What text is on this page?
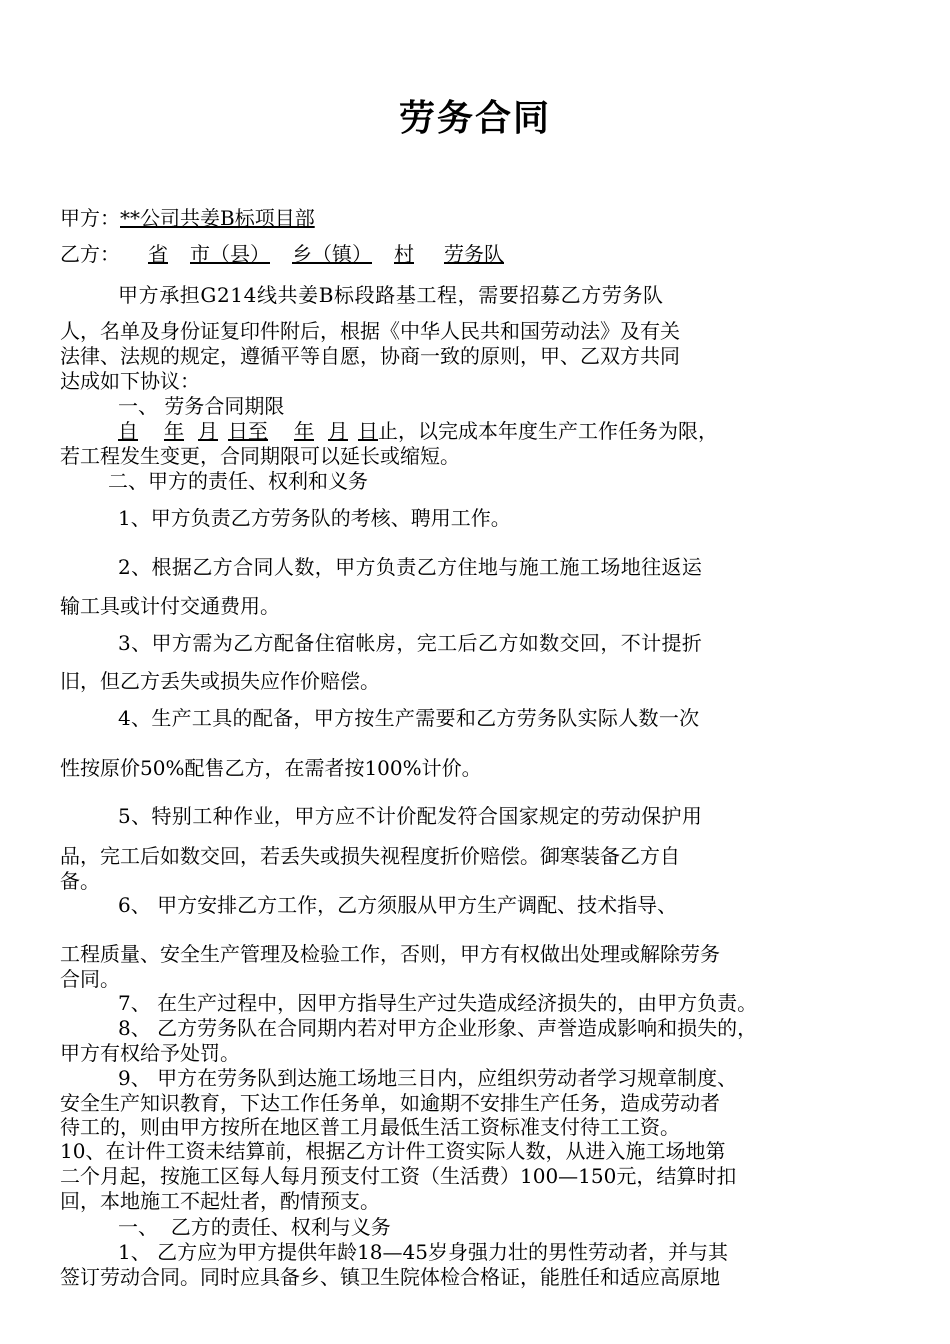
劳务合同
甲方：**公司共姜B标项目部
乙方： 省 市（县） 乡（镇） 村 劳务队
甲方承担G214线共姜B标段路基工程，需要招募乙方劳务队
人，名单及身份证复印件附后，根据《中华人民共和国劳动法》及有关
法律、法规的规定，遵循平等自愿，协商一致的原则，甲、乙双方共同
达成如下协议：
一、 劳务合同期限
自 年 月 日至 年 月 日止，以完成本年度生产工作任务为限，
若工程发生变更，合同期限可以延长或缩短。
二、甲方的责任、权利和义务
1、甲方负责乙方劳务队的考核、聘用工作。
2、根据乙方合同人数，甲方负责乙方住地与施工施工场地往返运
输工具或计付交通费用。
3、甲方需为乙方配备住宿帐房，完工后乙方如数交回，不计提折
旧，但乙方丢失或损失应作价赔偿。
4、生产工具的配备，甲方按生产需要和乙方劳务队实际人数一次
性按原价50%配售乙方，在需者按100%计价。
5、特别工种作业，甲方应不计价配发符合国家规定的劳动保护用
品，完工后如数交回，若丢失或损失视程度折价赔偿。御寒装备乙方自
备。
6、 甲方安排乙方工作，乙方须服从甲方生产调配、技术指导、
工程质量、安全生产管理及检验工作，否则，甲方有权做出处理或解除劳务
合同。
7、 在生产过程中，因甲方指导生产过失造成经济损失的，由甲方负责。
8、 乙方劳务队在合同期内若对甲方企业形象、声誉造成影响和损失的，
甲方有权给予处罚。
9、 甲方在劳务队到达施工场地三日内，应组织劳动者学习规章制度、
安全生产知识教育，下达工作任务单，如逾期不安排生产任务，造成劳动者
待工的，则由甲方按所在地区普工月最低生活工资标准支付待工工资。
10、在计件工资未结算前，根据乙方计件工资实际人数，从进入施工场地第
二个月起，按施工区每人每月预支付工资（生活费）100—150元，结算时扣
回，本地施工不起灶者，酌情预支。
一、  乙方的责任、权利与义务
1、 乙方应为甲方提供年龄18—45岁身强力壮的男性劳动者，并与其
签订劳动合同。同时应具备乡、镇卫生院体检合格证，能胜任和适应高原地
